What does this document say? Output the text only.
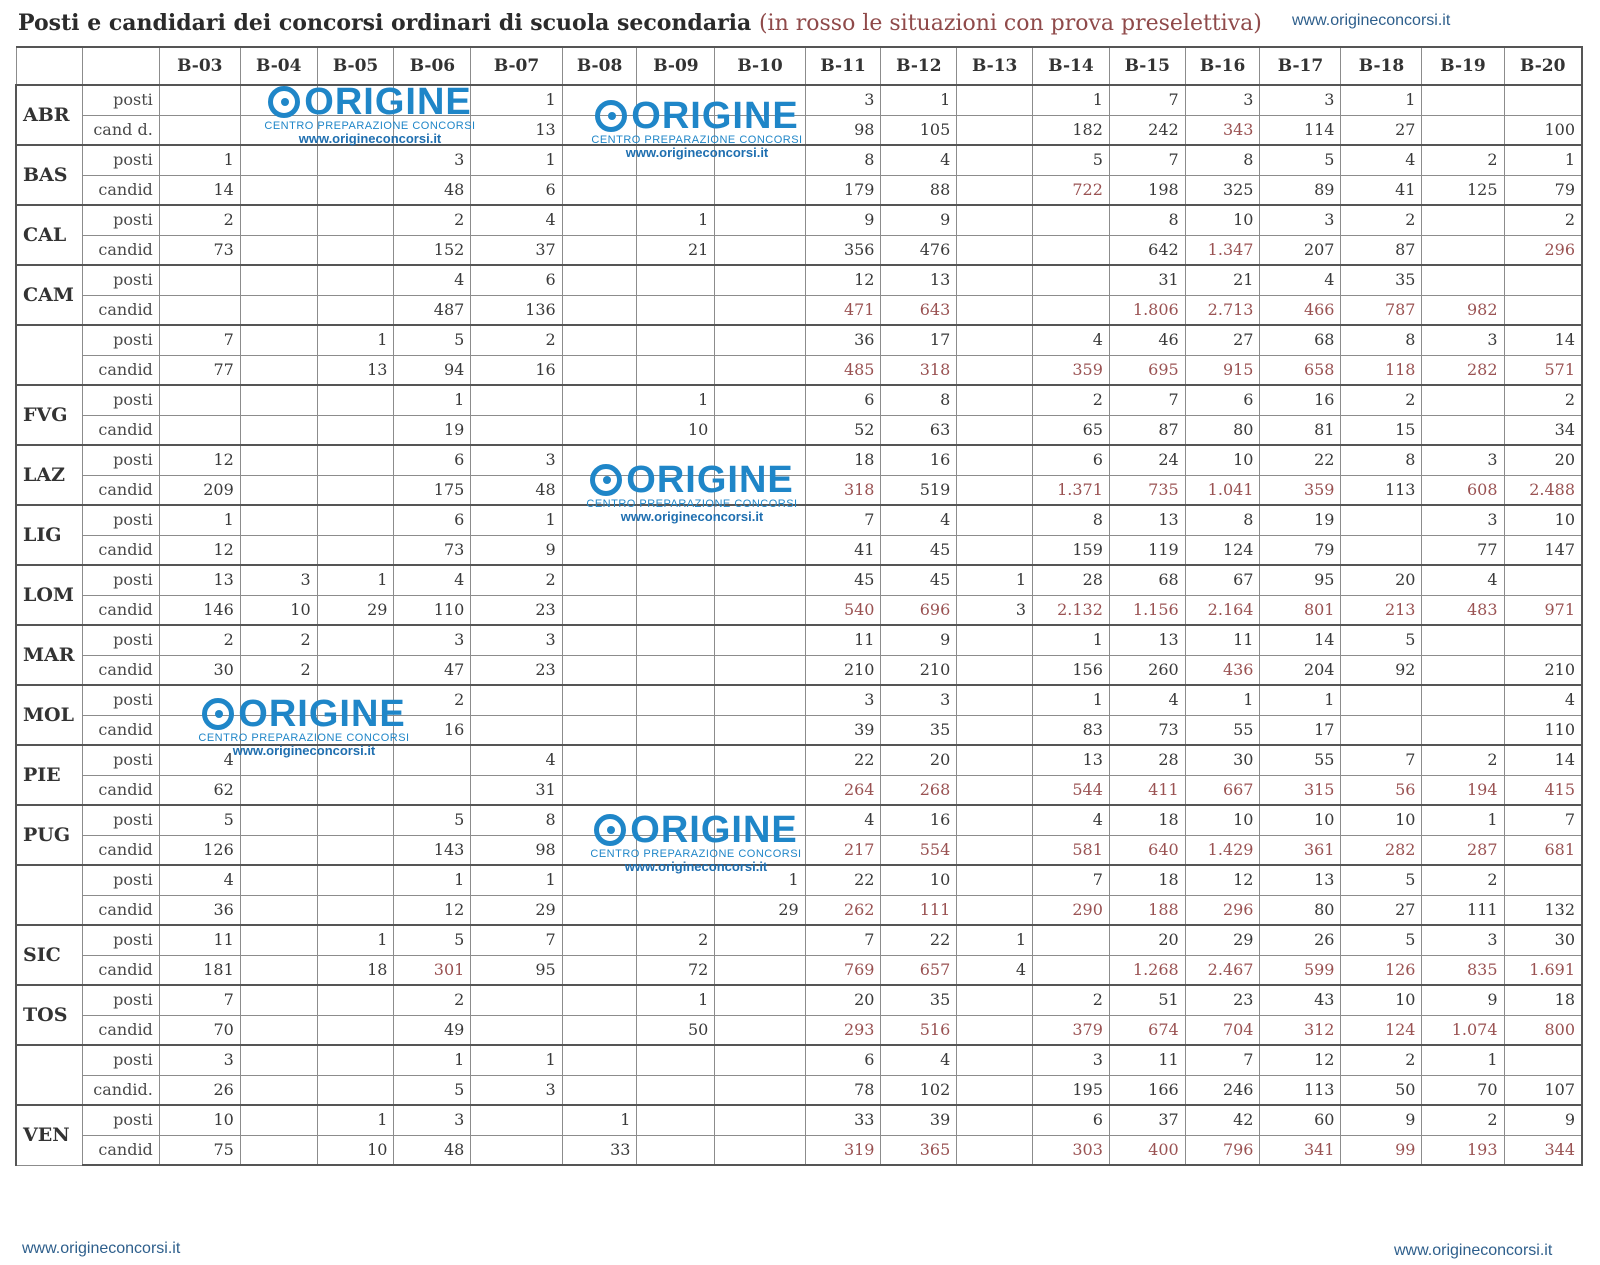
Posti e candidari dei concorsi ordinari di scuola secondaria (in rosso le situazioni con prova preselettiva) www.origineconcorsi.it
		B-03	B-04	B-05	B-06	B-07	B-08	B-09	B-10	B-11	B-12	B-13	B-14	B-15	B-16	B-17	B-18	B-19	B-20
ABR	posti					1				3	1		1	7	3	3	1		
	cand d.					13				98	105		182	242	343	114	27		100
BAS	posti	1			3	1				8	4		5	7	8	5	4	2	1
	candid	14			48	6				179	88		722	198	325	89	41	125	79
CAL	posti	2			2	4		1		9	9			8	10	3	2		2
	candid	73			152	37		21		356	476			642	1.347	207	87		296
CAM	posti				4	6				12	13			31	21	4	35		
	candid				487	136				471	643			1.806	2.713	466	787	982	
	posti	7		1	5	2				36	17		4	46	27	68	8	3	14
	candid	77		13	94	16				485	318		359	695	915	658	118	282	571
FVG	posti				1			1		6	8		2	7	6	16	2		2
	candid				19			10		52	63		65	87	80	81	15		34
LAZ	posti	12			6	3				18	16		6	24	10	22	8	3	20
	candid	209			175	48				318	519		1.371	735	1.041	359	113	608	2.488
LIG	posti	1			6	1				7	4		8	13	8	19		3	10
	candid	12			73	9				41	45		159	119	124	79		77	147
LOM	posti	13	3	1	4	2				45	45	1	28	68	67	95	20	4	
	candid	146	10	29	110	23				540	696	3	2.132	1.156	2.164	801	213	483	971
MAR	posti	2	2		3	3				11	9		1	13	11	14	5		
	candid	30	2		47	23				210	210		156	260	436	204	92		210
MOL	posti				2					3	3		1	4	1	1			4
	candid				16					39	35		83	73	55	17			110
PIE	posti	4				4				22	20		13	28	30	55	7	2	14
	candid	62				31				264	268		544	411	667	315	56	194	415
PUG	posti	5			5	8				4	16		4	18	10	10	10	1	7
	candid	126			143	98				217	554		581	640	1.429	361	282	287	681
	posti	4			1	1			1	22	10		7	18	12	13	5	2	
	candid	36			12	29			29	262	111		290	188	296	80	27	111	132
SIC	posti	11		1	5	7		2		7	22	1		20	29	26	5	3	30
	candid	181		18	301	95		72		769	657	4		1.268	2.467	599	126	835	1.691
TOS	posti	7			2			1		20	35		2	51	23	43	10	9	18
	candid	70			49			50		293	516		379	674	704	312	124	1.074	800
	posti	3			1	1				6	4		3	11	7	12	2	1	
	candid.	26			5	3				78	102		195	166	246	113	50	70	107
VEN	posti	10		1	3		1			33	39		6	37	42	60	9	2	9
	candid	75		10	48		33			319	365		303	400	796	341	99	193	344
ORIGINE
CENTRO PREPARAZIONE CONCORSI
www.origineconcorsi.it
ORIGINE
CENTRO PREPARAZIONE CONCORSI
www.origineconcorsi.it
ORIGINE
CENTRO PREPARAZIONE CONCORSI
www.origineconcorsi.it
ORIGINE
CENTRO PREPARAZIONE CONCORSI
www.origineconcorsi.it
ORIGINE
CENTRO PREPARAZIONE CONCORSI
www.origineconcorsi.it
www.origineconcorsi.it	www.origineconcorsi.it
